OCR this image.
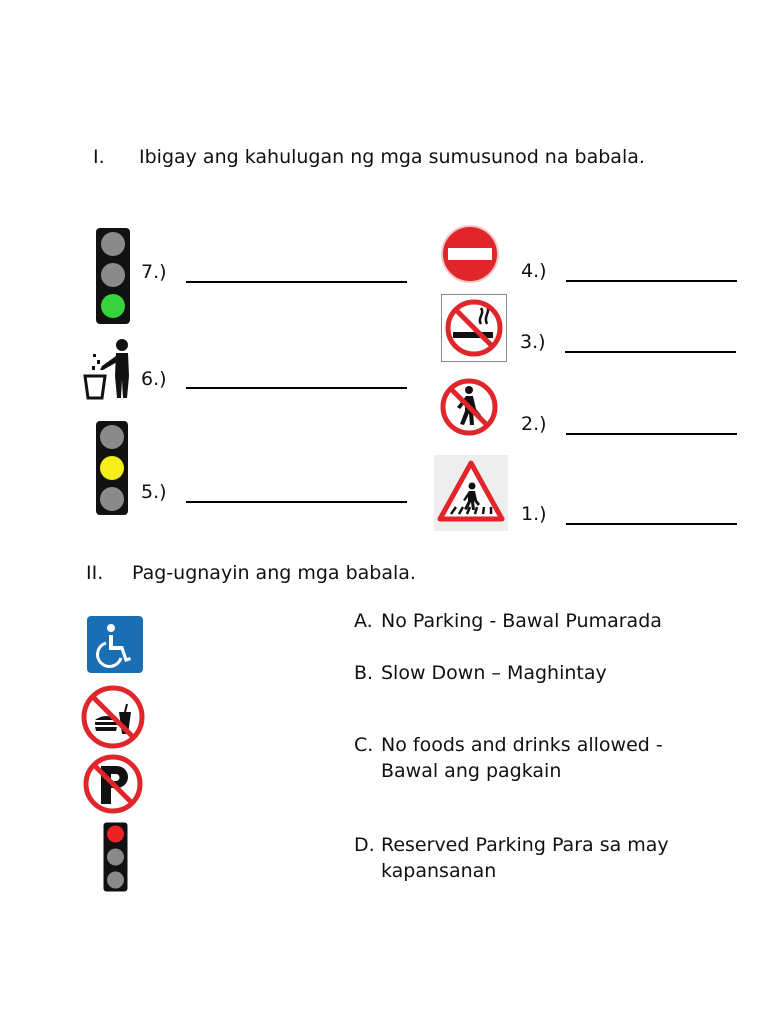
I. Ibigay ang kahulugan ng mga sumusunod na babala.
7.)
6.)
5.)
4.)
3.)
2.)
1.)
II. Pag-ugnayin ang mga babala.
A. No Parking - Bawal Pumarada
B. Slow Down – Maghintay
C. No foods and drinks allowed -
Bawal ang pagkain
D. Reserved Parking Para sa may
kapansanan
